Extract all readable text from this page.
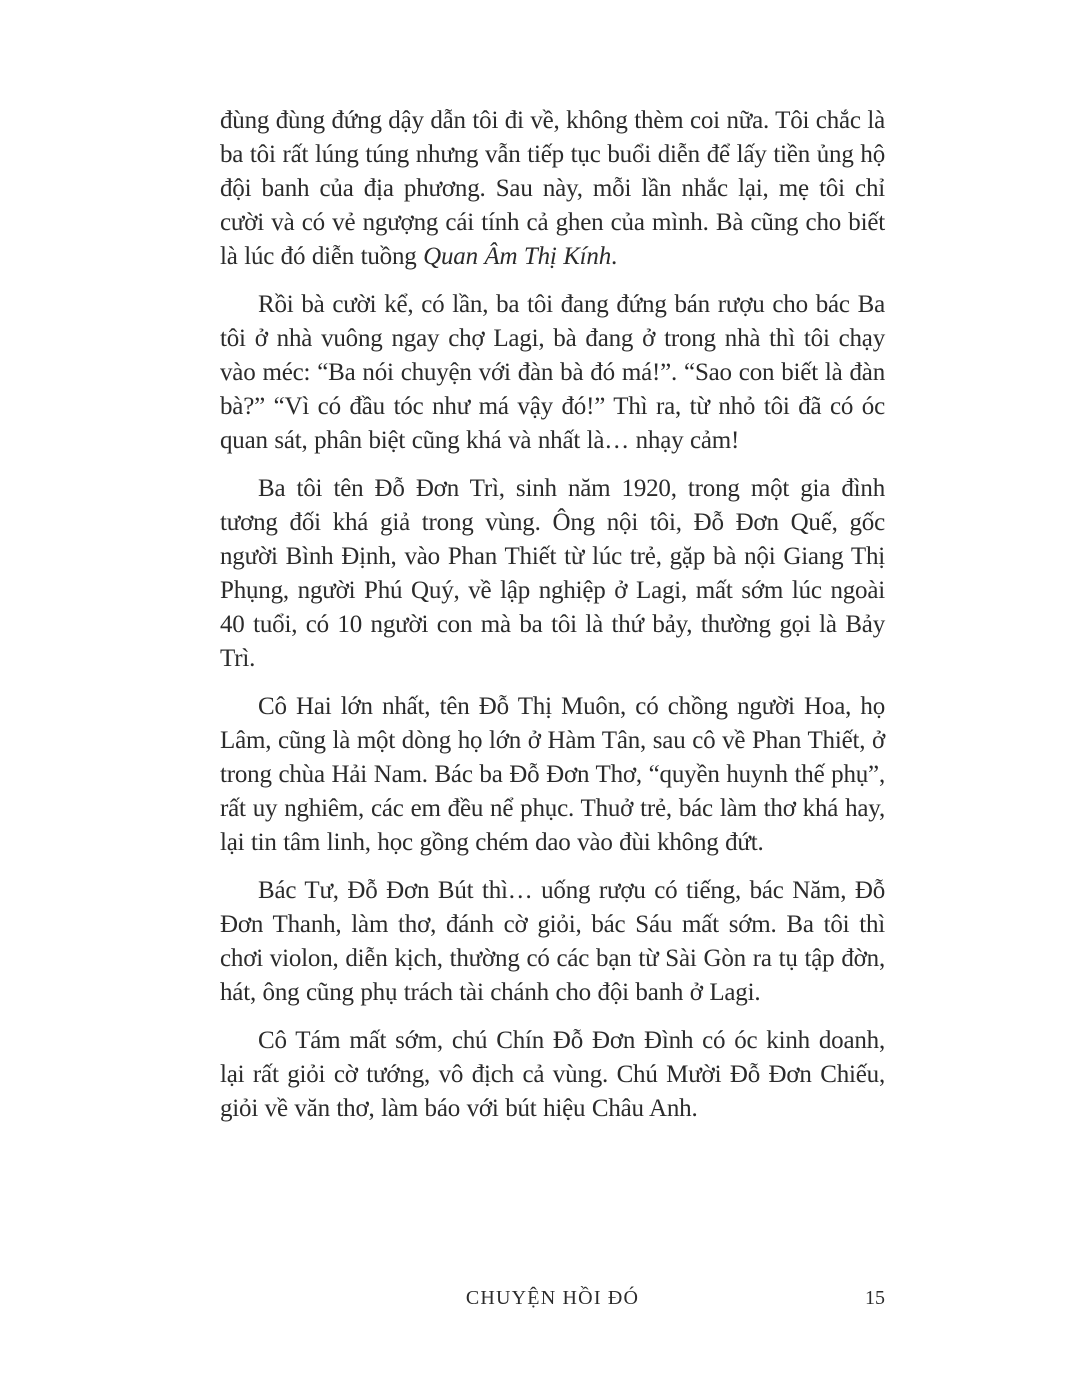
đùng đùng đứng dậy dẫn tôi đi về, không thèm coi nữa. Tôi chắc là ba tôi rất lúng túng nhưng vẫn tiếp tục buổi diễn để lấy tiền ủng hộ đội banh của địa phương. Sau này, mỗi lần nhắc lại, mẹ tôi chỉ cười và có vẻ ngượng cái tính cả ghen của mình. Bà cũng cho biết là lúc đó diễn tuồng Quan Âm Thị Kính.

Rồi bà cười kể, có lần, ba tôi đang đứng bán rượu cho bác Ba tôi ở nhà vuông ngay chợ Lagi, bà đang ở trong nhà thì tôi chạy vào méc: “Ba nói chuyện với đàn bà đó má!”. “Sao con biết là đàn bà?” “Vì có đầu tóc như má vậy đó!” Thì ra, từ nhỏ tôi đã có óc quan sát, phân biệt cũng khá và nhất là… nhạy cảm!

Ba tôi tên Đỗ Đơn Trì, sinh năm 1920, trong một gia đình tương đối khá giả trong vùng. Ông nội tôi, Đỗ Đơn Quế, gốc người Bình Định, vào Phan Thiết từ lúc trẻ, gặp bà nội Giang Thị Phụng, người Phú Quý, về lập nghiệp ở Lagi, mất sớm lúc ngoài 40 tuổi, có 10 người con mà ba tôi là thứ bảy, thường gọi là Bảy Trì.

Cô Hai lớn nhất, tên Đỗ Thị Muôn, có chồng người Hoa, họ Lâm, cũng là một dòng họ lớn ở Hàm Tân, sau cô về Phan Thiết, ở trong chùa Hải Nam. Bác ba Đỗ Đơn Thơ, “quyền huynh thế phụ”, rất uy nghiêm, các em đều nể phục. Thuở trẻ, bác làm thơ khá hay, lại tin tâm linh, học gồng chém dao vào đùi không đứt.

Bác Tư, Đỗ Đơn Bút thì… uống rượu có tiếng, bác Năm, Đỗ Đơn Thanh, làm thơ, đánh cờ giỏi, bác Sáu mất sớm. Ba tôi thì chơi violon, diễn kịch, thường có các bạn từ Sài Gòn ra tụ tập đờn, hát, ông cũng phụ trách tài chánh cho đội banh ở Lagi.

Cô Tám mất sớm, chú Chín Đỗ Đơn Đình có óc kinh doanh, lại rất giỏi cờ tướng, vô địch cả vùng. Chú Mười Đỗ Đơn Chiếu, giỏi về văn thơ, làm báo với bút hiệu Châu Anh.

CHUYỆN HỒI ĐÓ	15
